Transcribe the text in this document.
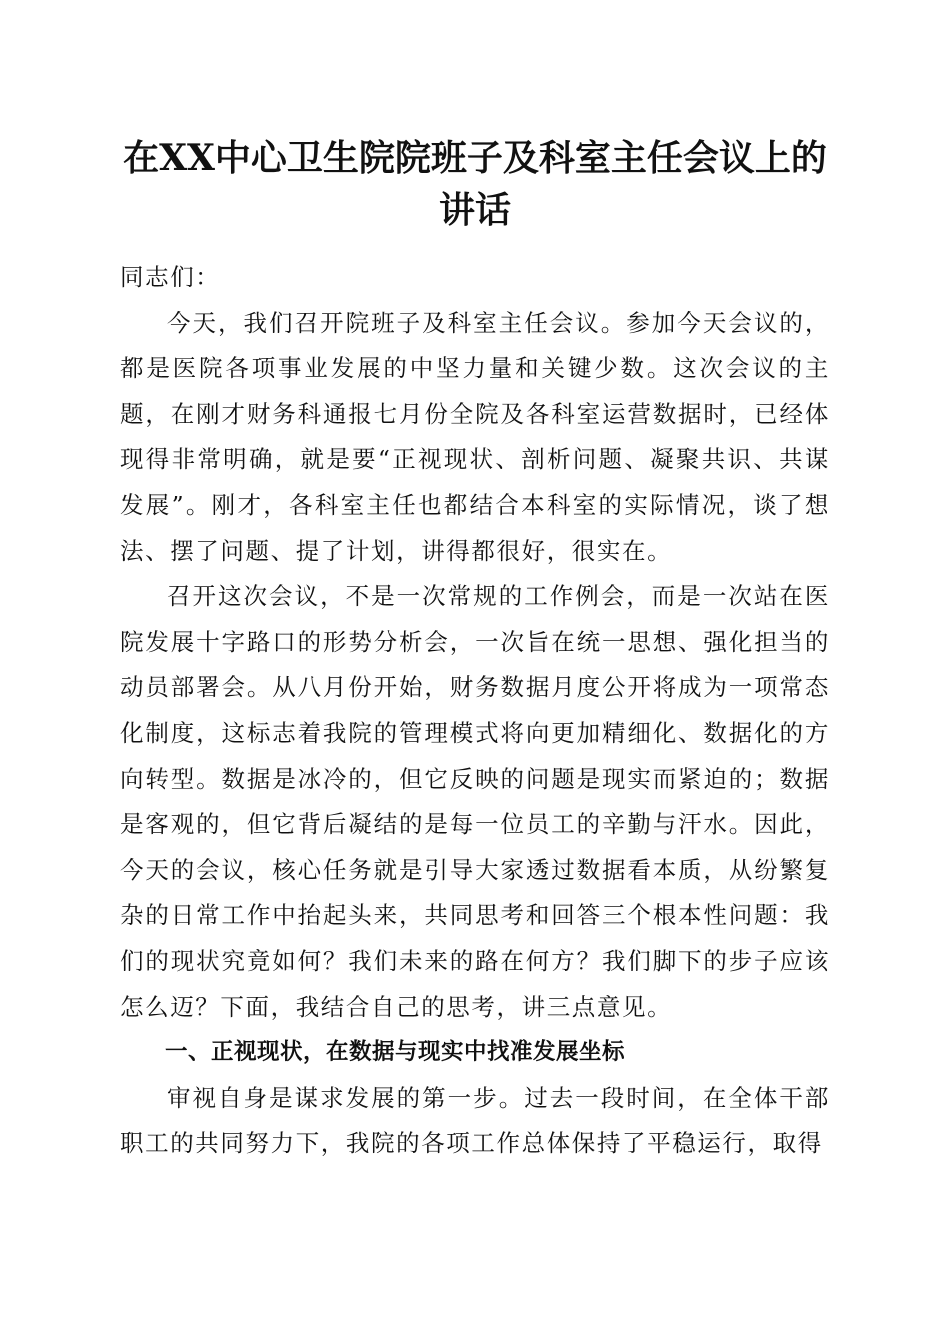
在XX中心卫生院院班子及科室主任会议上的讲话

同志们：

今天，我们召开院班子及科室主任会议。参加今天会议的，都是医院各项事业发展的中坚力量和关键少数。这次会议的主题，在刚才财务科通报七月份全院及各科室运营数据时，已经体现得非常明确，就是要“正视现状、剖析问题、凝聚共识、共谋发展”。刚才，各科室主任也都结合本科室的实际情况，谈了想法、摆了问题、提了计划，讲得都很好，很实在。

召开这次会议，不是一次常规的工作例会，而是一次站在医院发展十字路口的形势分析会，一次旨在统一思想、强化担当的动员部署会。从八月份开始，财务数据月度公开将成为一项常态化制度，这标志着我院的管理模式将向更加精细化、数据化的方向转型。数据是冰冷的，但它反映的问题是现实而紧迫的；数据是客观的，但它背后凝结的是每一位员工的辛勤与汗水。因此，今天的会议，核心任务就是引导大家透过数据看本质，从纷繁复杂的日常工作中抬起头来，共同思考和回答三个根本性问题：我们的现状究竟如何？我们未来的路在何方？我们脚下的步子应该怎么迈？下面，我结合自己的思考，讲三点意见。

一、正视现状，在数据与现实中找准发展坐标

审视自身是谋求发展的第一步。过去一段时间，在全体干部职工的共同努力下，我院的各项工作总体保持了平稳运行，取得
